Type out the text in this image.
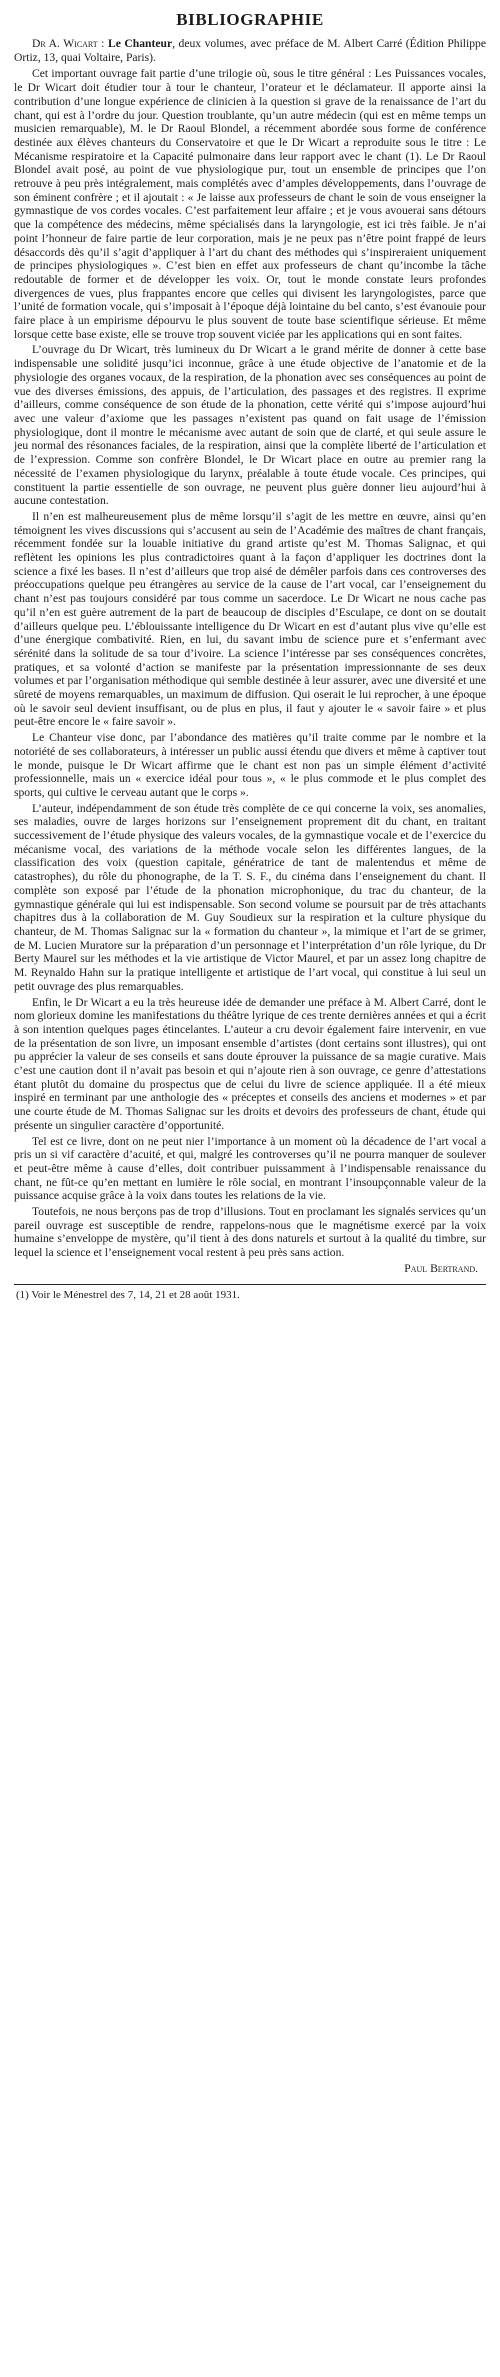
BIBLIOGRAPHIE

Dr A. Wicart : Le Chanteur, deux volumes, avec préface de M. Albert Carré (Édition Philippe Ortiz, 13, quai Voltaire, Paris).

Cet important ouvrage fait partie d’une trilogie où, sous le titre général : Les Puissances vocales, le Dr Wicart doit étudier tour à tour le chanteur, l’orateur et le déclamateur. Il apporte ainsi la contribution d’une longue expérience de clinicien à la question si grave de la renaissance de l’art du chant, qui est à l’ordre du jour. Question troublante, qu’un autre médecin (qui est en même temps un musicien remarquable), M. le Dr Raoul Blondel, a récemment abordée sous forme de conférence destinée aux élèves chanteurs du Conservatoire et que le Dr Wicart a reproduite sous le titre : Le Mécanisme respiratoire et la Capacité pulmonaire dans leur rapport avec le chant (1). Le Dr Raoul Blondel avait posé, au point de vue physiologique pur, tout un ensemble de principes que l’on retrouve à peu près intégralement, mais complétés avec d’amples développements, dans l’ouvrage de son éminent confrère ; et il ajoutait : « Je laisse aux professeurs de chant le soin de vous enseigner la gymnastique de vos cordes vocales. C’est parfaitement leur affaire ; et je vous avouerai sans détours que la compétence des médecins, même spécialisés dans la laryngologie, est ici très faible. Je n’ai point l’honneur de faire partie de leur corporation, mais je ne peux pas n’être point frappé de leurs désaccords dès qu’il s’agit d’appliquer à l’art du chant des méthodes qui s’inspireraient uniquement de principes physiologiques ». C’est bien en effet aux professeurs de chant qu’incombe la tâche redoutable de former et de développer les voix. Or, tout le monde constate leurs profondes divergences de vues, plus frappantes encore que celles qui divisent les laryngologistes, parce que l’unité de formation vocale, qui s’imposait à l’époque déjà lointaine du bel canto, s’est évanouie pour faire place à un empirisme dépourvu le plus souvent de toute base scientifique sérieuse. Et même lorsque cette base existe, elle se trouve trop souvent viciée par les applications qui en sont faites.

L’ouvrage du Dr Wicart, très lumineux du Dr Wicart a le grand mérite de donner à cette base indispensable une solidité jusqu’ici inconnue, grâce à une étude objective de l’anatomie et de la physiologie des organes vocaux, de la respiration, de la phonation avec ses conséquences au point de vue des diverses émissions, des appuis, de l’articulation, des passages et des registres. Il exprime d’ailleurs, comme conséquence de son étude de la phonation, cette vérité qui s’impose aujourd’hui avec une valeur d’axiome que les passages n’existent pas quand on fait usage de l’émission physiologique, dont il montre le mécanisme avec autant de soin que de clarté, et qui seule assure le jeu normal des résonances faciales, de la respiration, ainsi que la complète liberté de l’articulation et de l’expression. Comme son confrère Blondel, le Dr Wicart place en outre au premier rang la nécessité de l’examen physiologique du larynx, préalable à toute étude vocale. Ces principes, qui constituent la partie essentielle de son ouvrage, ne peuvent plus guère donner lieu aujourd’hui à aucune contestation.

Il n’en est malheureusement plus de même lorsqu’il s’agit de les mettre en œuvre, ainsi qu’en témoignent les vives discussions qui s’accusent au sein de l’Académie des maîtres de chant français, récemment fondée sur la louable initiative du grand artiste qu’est M. Thomas Salignac, et qui reflètent les opinions les plus contradictoires quant à la façon d’appliquer les doctrines dont la science a fixé les bases. Il n’est d’ailleurs que trop aisé de démêler parfois dans ces controverses des préoccupations quelque peu étrangères au service de la cause de l’art vocal, car l’enseignement du chant n’est pas toujours considéré par tous comme un sacerdoce. Le Dr Wicart ne nous cache pas qu’il n’en est guère autrement de la part de beaucoup de disciples d’Esculape, ce dont on se doutait d’ailleurs quelque peu. L’éblouissante intelligence du Dr Wicart en est d’autant plus vive qu’elle est d’une énergique combativité. Rien, en lui, du savant imbu de science pure et s’enfermant avec sérénité dans la solitude de sa tour d’ivoire. La science l’intéresse par ses conséquences concrètes, pratiques, et sa volonté d’action se manifeste par la présentation impressionnante de ses deux volumes et par l’organisation méthodique qui semble destinée à leur assurer, avec une diversité et une sûreté de moyens remarquables, un maximum de diffusion. Qui oserait le lui reprocher, à une époque où le savoir seul devient insuffisant, ou de plus en plus, il faut y ajouter le « savoir faire » et plus peut-être encore le « faire savoir ».

Le Chanteur vise donc, par l’abondance des matières qu’il traite comme par le nombre et la notoriété de ses collaborateurs, à intéresser un public aussi étendu que divers et même à captiver tout le monde, puisque le Dr Wicart affirme que le chant est non pas un simple élément d’activité professionnelle, mais un « exercice idéal pour tous », « le plus commode et le plus complet des sports, qui cultive le cerveau autant que le corps ».

L’auteur, indépendamment de son étude très complète de ce qui concerne la voix, ses anomalies, ses maladies, ouvre de larges horizons sur l’enseignement proprement dit du chant, en traitant successivement de l’étude physique des valeurs vocales, de la gymnastique vocale et de l’exercice du mécanisme vocal, des variations de la méthode vocale selon les différentes langues, de la classification des voix (question capitale, génératrice de tant de malentendus et même de catastrophes), du rôle du phonographe, de la T. S. F., du cinéma dans l’enseignement du chant. Il complète son exposé par l’étude de la phonation microphonique, du trac du chanteur, de la gymnastique générale qui lui est indispensable. Son second volume se poursuit par de très attachants chapitres dus à la collaboration de M. Guy Soudieux sur la respiration et la culture physique du chanteur, de M. Thomas Salignac sur la « formation du chanteur », la mimique et l’art de se grimer, de M. Lucien Muratore sur la préparation d’un personnage et l’interprétation d’un rôle lyrique, du Dr Berty Maurel sur les méthodes et la vie artistique de Victor Maurel, et par un assez long chapitre de M. Reynaldo Hahn sur la pratique intelligente et artistique de l’art vocal, qui constitue à lui seul un petit ouvrage des plus remarquables.

Enfin, le Dr Wicart a eu la très heureuse idée de demander une préface à M. Albert Carré, dont le nom glorieux domine les manifestations du théâtre lyrique de ces trente dernières années et qui a écrit à son intention quelques pages étincelantes. L’auteur a cru devoir également faire intervenir, en vue de la présentation de son livre, un imposant ensemble d’artistes (dont certains sont illustres), qui ont pu apprécier la valeur de ses conseils et sans doute éprouver la puissance de sa magie curative. Mais c’est une caution dont il n’avait pas besoin et qui n’ajoute rien à son ouvrage, ce genre d’attestations étant plutôt du domaine du prospectus que de celui du livre de science appliquée. Il a été mieux inspiré en terminant par une anthologie des « préceptes et conseils des anciens et modernes » et par une courte étude de M. Thomas Salignac sur les droits et devoirs des professeurs de chant, étude qui présente un singulier caractère d’opportunité.

Tel est ce livre, dont on ne peut nier l’importance à un moment où la décadence de l’art vocal a pris un si vif caractère d’acuité, et qui, malgré les controverses qu’il ne pourra manquer de soulever et peut-être même à cause d’elles, doit contribuer puissamment à l’indispensable renaissance du chant, ne fût-ce qu’en mettant en lumière le rôle social, en montrant l’insoupçonnable valeur de la puissance acquise grâce à la voix dans toutes les relations de la vie.

Toutefois, ne nous berçons pas de trop d’illusions. Tout en proclamant les signalés services qu’un pareil ouvrage est susceptible de rendre, rappelons-nous que le magnétisme exercé par la voix humaine s’enveloppe de mystère, qu’il tient à des dons naturels et surtout à la qualité du timbre, sur lequel la science et l’enseignement vocal restent à peu près sans action.

Paul Bertrand.

(1) Voir le Ménestrel des 7, 14, 21 et 28 août 1931.
